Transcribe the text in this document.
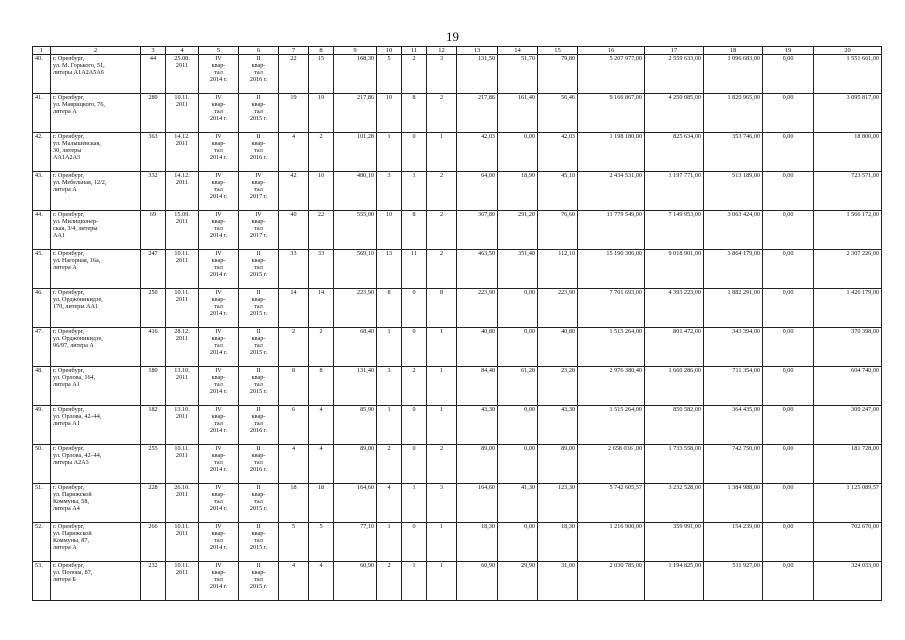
19
1	2	3	4	5	6	7	8	9	10	11	12	13	14	15	16	17	18	19	20
40.	г. Оренбург,
ул. М. Горького, 51,
литеры А1А2А5А6	44	25.08.
2011	IV
квар-
тал
2014 г.	II
квар-
тал
2016 г.	22	15	168,30	5	2	3	131,50	51,70	79,80	5 207 977,00	2 559 633,00	1 096 683,00	0,00	1 551 661,00
41.	г. Оренбург,
ул. Маврицкого, 76,
литера А	280	10.11.
2011	IV
квар-
тал
2014 г.	II
квар-
тал
2015 г.	19	19	217,86	10	8	2	217,86	161,40	56,46	9 166 867,00	4 250 085,00	1 820 965,00	0,00	3 095 817,00
42.	г. Оренбург,
ул. Малышевская,
30, литеры
АА1А2А3	363	14.12.
2011	IV
квар-
тал
2014 г.	II
квар-
тал
2016 г.	4	2	101,28	1	0	1	42,03	0,00	42,03	1 198 180,00	825 634,00	353 746,00	0,00	18 800,00
43.	г. Оренбург,
ул. Мебельная, 12/2,
литера А	332	14.12.
2011	IV
квар-
тал
2014 г.	IV
квар-
тал
2017 г.	42	10	480,10	3	1	2	64,00	18,90	45,10	2 434 531,00	1 197 771,00	513 189,00	0,00	723 571,00
44.	г. Оренбург,
ул. Милиционер-
ская, 3/4, литеры
АА1	69	15.09.
2011	IV
квар-
тал
2014 г.	IV
квар-
тал
2017 г.	40	22	555,00	10	8	2	367,80	291,20	76,60	11 779 549,00	7 149 953,00	3 063 424,00	0,00	1 566 172,00
45.	г. Оренбург,
ул. Нагорная, 16а,
литера А	247	10.11.
2011	IV
квар-
тал
2014 г.	II
квар-
тал
2015 г.	33	33	569,10	13	11	2	463,50	351,40	112,10	15 190 306,00	9 018 901,00	3 864 179,00	0,00	2 307 226,00
46.	г. Оренбург,
ул. Орджоникидзе,
170, литеры АА1	250	10.11.
2011	IV
квар-
тал
2014 г.	II
квар-
тал
2015 г.	14	14	223,90	8	0	8	223,90	0,00	223,90	7 701 693,00	4 393 223,00	1 882 291,00	0,00	1 426 179,00
47.	г. Оренбург,
ул. Орджоникидзе,
96/97, литера А	416	28.12.
2011	IV
квар-
тал
2014 г.	II
квар-
тал
2015 г.	2	2	68,40	1	0	1	40,80	0,00	40,80	1 515 264,00	801 472,00	343 394,00	0,00	370 398,00
48.	г. Оренбург,
ул. Орлова, 164,
литера А1	180	13.10.
2011	IV
квар-
тал
2014 г.	II
квар-
тал
2015 г.	8	8	131,40	3	2	1	84,40	61,20	23,20	2 976 380,40	1 660 286,00	711 354,00	0,00	604 740,00
49.	г. Оренбург,
ул. Орлова, 42–44,
литера А1	182	13.10.
2011	IV
квар-
тал
2014 г.	II
квар-
тал
2016 г.	6	4	85,90	1	0	1	43,30	0,00	43,30	1 515 264,00	850 582,00	364 435,00	0,00	300 247,00
50.	г. Оренбург,
ул. Орлова, 42–44,
литеры А2А3	255	10.11.
2011	IV
квар-
тал
2014 г.	II
квар-
тал
2016 г.	4	4	89,00	2	0	2	89,00	0,00	89,00	2 658 036 ,00	1 733 558,00	742 750,00	0,00	181 728,00
51.	г. Оренбург,
ул. Парижской
Коммуны, 58,
литера А4	228	26.10.
2011	IV
квар-
тал
2014 г.	II
квар-
тал
2015 г.	18	18	164,60	4	1	3	164,60	41,30	123,30	5 742 605,57	3 232 528,00	1 384 988,00	0,00	1 125 089,57
52.	г. Оренбург,
ул. Парижской
Коммуны, 87,
литера А	266	10.11.
2011	IV
квар-
тал
2014 г.	II
квар-
тал
2015 г.	5	5	77,10	1	0	1	18,30	0,00	18,30	1 216 900,00	359 991,00	154 239,00	0,00	702 670,00
53.	г. Оренбург,
ул. Попова, 87,
литера Б	232	10.11.
2011	IV
квар-
тал
2014 г.	II
квар-
тал
2015 г.	4	4	60,90	2	1	1	60,90	29,90	31,00	2 030 785,00	1 194 825,00	511 927,00	0,00	324 033,00
